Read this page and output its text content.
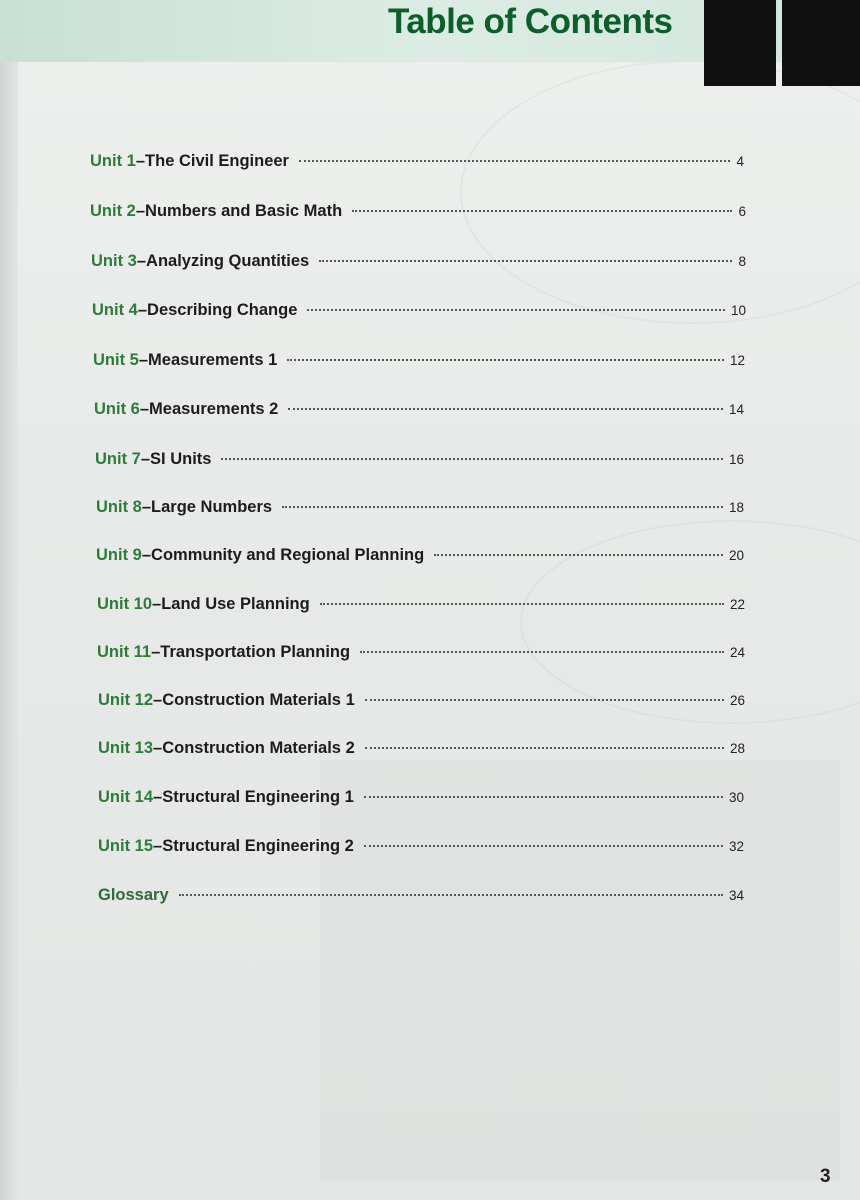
Table of Contents
Unit 1 – The Civil Engineer	4
Unit 2 – Numbers and Basic Math	6
Unit 3 – Analyzing Quantities	8
Unit 4 – Describing Change	10
Unit 5 – Measurements 1	12
Unit 6 – Measurements 2	14
Unit 7 – SI Units	16
Unit 8 – Large Numbers	18
Unit 9 – Community and Regional Planning	20
Unit 10 – Land Use Planning	22
Unit 11 – Transportation Planning	24
Unit 12 – Construction Materials 1	26
Unit 13 – Construction Materials 2	28
Unit 14 – Structural Engineering 1	30
Unit 15 – Structural Engineering 2	32
Glossary	34
3
